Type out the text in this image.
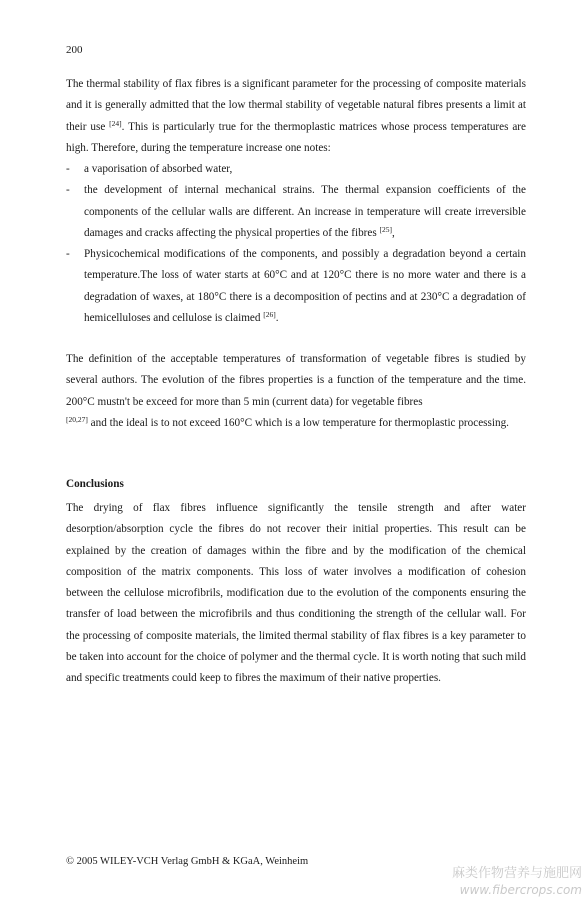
200

The thermal stability of flax fibres is a significant parameter for the processing of composite materials and it is generally admitted that the low thermal stability of vegetable natural fibres presents a limit at their use [24]. This is particularly true for the thermoplastic matrices whose process temperatures are high. Therefore, during the temperature increase one notes:

- a vaporisation of absorbed water,
- the development of internal mechanical strains. The thermal expansion coefficients of the components of the cellular walls are different. An increase in temperature will create irreversible damages and cracks affecting the physical properties of the fibres [25],
- Physicochemical modifications of the components, and possibly a degradation beyond a certain temperature.The loss of water starts at 60°C and at 120°C there is no more water and there is a degradation of waxes, at 180°C there is a decomposition of pectins and at 230°C a degradation of hemicelluloses and cellulose is claimed [26].

The definition of the acceptable temperatures of transformation of vegetable fibres is studied by several authors. The evolution of the fibres properties is a function of the temperature and the time. 200°C mustn't be exceed for more than 5 min (current data) for vegetable fibres
[20,27] and the ideal is to not exceed 160°C which is a low temperature for thermoplastic processing.

Conclusions

The drying of flax fibres influence significantly the tensile strength and after water desorption/absorption cycle the fibres do not recover their initial properties. This result can be explained by the creation of damages within the fibre and by the modification of the chemical composition of the matrix components. This loss of water involves a modification of cohesion between the cellulose microfibrils, modification due to the evolution of the components ensuring the transfer of load between the microfibrils and thus conditioning the strength of the cellular wall. For the processing of composite materials, the limited thermal stability of flax fibres is a key parameter to be taken into account for the choice of polymer and the thermal cycle. It is worth noting that such mild and specific treatments could keep to fibres the maximum of their native properties.

© 2005 WILEY-VCH Verlag GmbH & KGaA, Weinheim
麻类作物营养与施肥网
www.fibercrops.com
